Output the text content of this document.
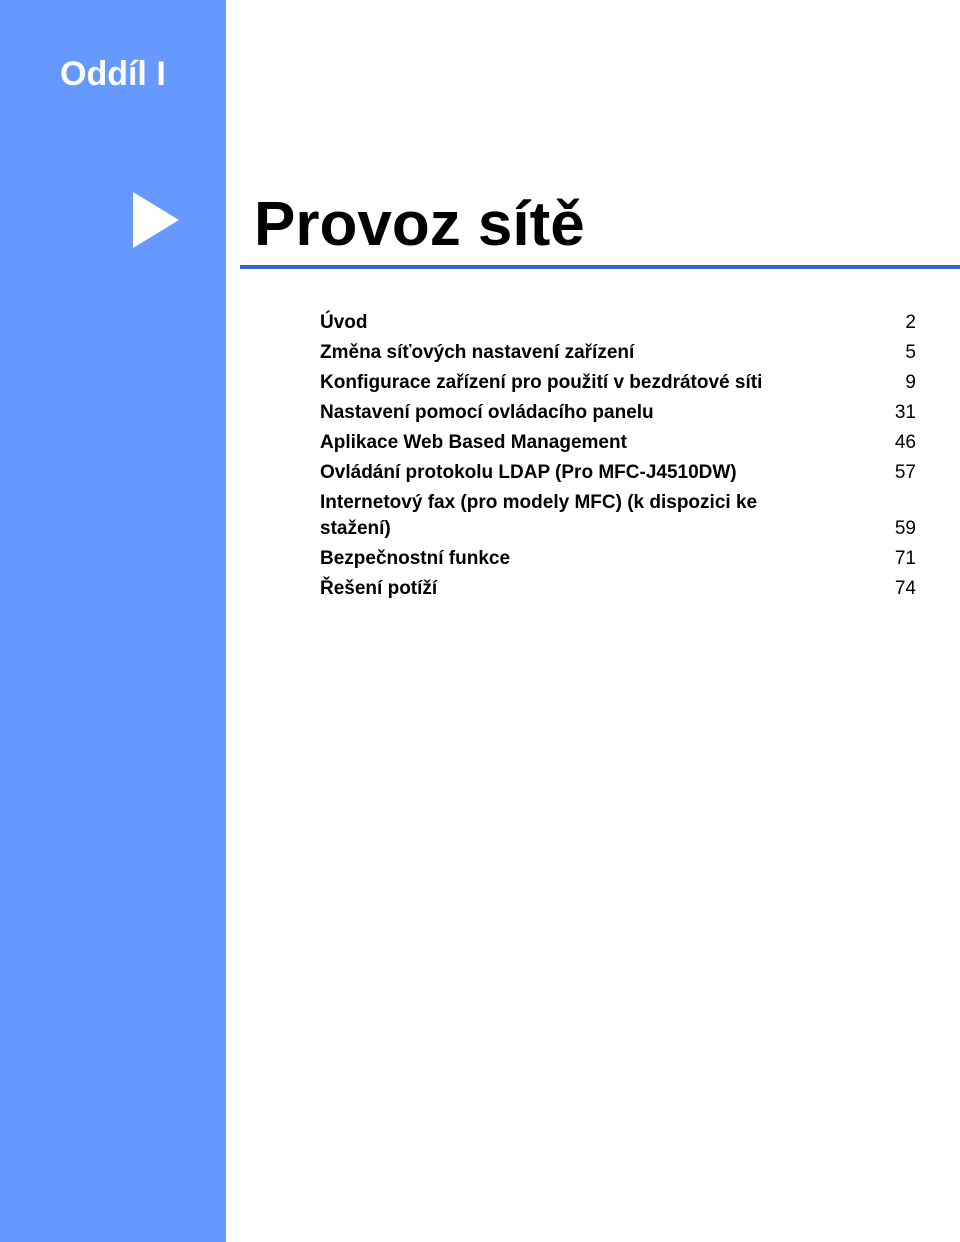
Oddíl I
Provoz sítě
Úvod	2
Změna síťových nastavení zařízení	5
Konfigurace zařízení pro použití v bezdrátové síti	9
Nastavení pomocí ovládacího panelu	31
Aplikace Web Based Management	46
Ovládání protokolu LDAP (Pro MFC-J4510DW)	57
Internetový fax (pro modely MFC) (k dispozici ke stažení)	59
Bezpečnostní funkce	71
Řešení potíží	74
